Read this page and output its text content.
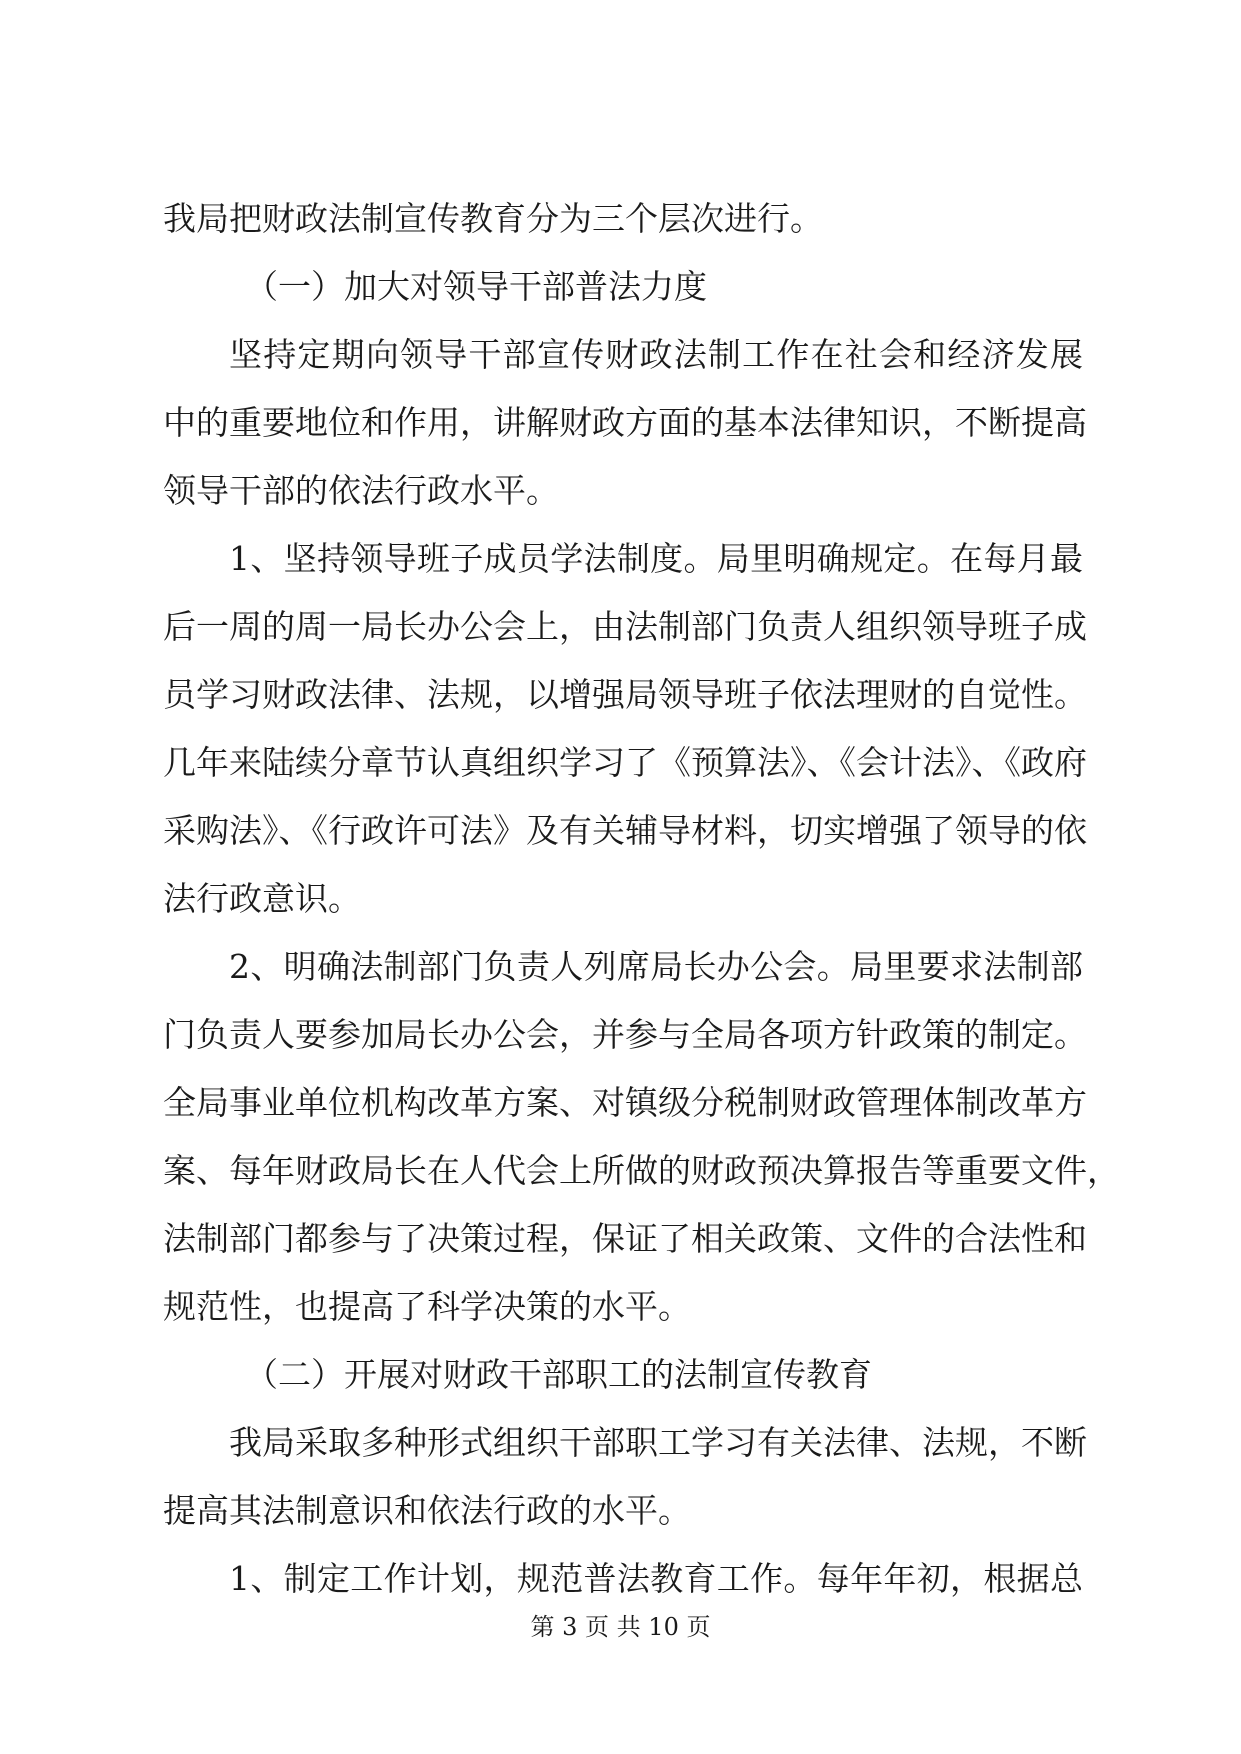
我局把财政法制宣传教育分为三个层次进行。
（一）加大对领导干部普法力度
坚持定期向领导干部宣传财政法制工作在社会和经济发展
中的重要地位和作用，讲解财政方面的基本法律知识，不断提高
领导干部的依法行政水平。
1、坚持领导班子成员学法制度。局里明确规定。在每月最
后一周的周一局长办公会上，由法制部门负责人组织领导班子成
员学习财政法律、法规，以增强局领导班子依法理财的自觉性。
几年来陆续分章节认真组织学习了《预算法》、《会计法》、《政府
采购法》、《行政许可法》及有关辅导材料，切实增强了领导的依
法行政意识。
2、明确法制部门负责人列席局长办公会。局里要求法制部
门负责人要参加局长办公会，并参与全局各项方针政策的制定。
全局事业单位机构改革方案、对镇级分税制财政管理体制改革方
案、每年财政局长在人代会上所做的财政预决算报告等重要文件，
法制部门都参与了决策过程，保证了相关政策、文件的合法性和
规范性，也提高了科学决策的水平。
（二）开展对财政干部职工的法制宣传教育
我局采取多种形式组织干部职工学习有关法律、法规，不断
提高其法制意识和依法行政的水平。
1、制定工作计划，规范普法教育工作。每年年初，根据总
第 3 页 共 10 页
